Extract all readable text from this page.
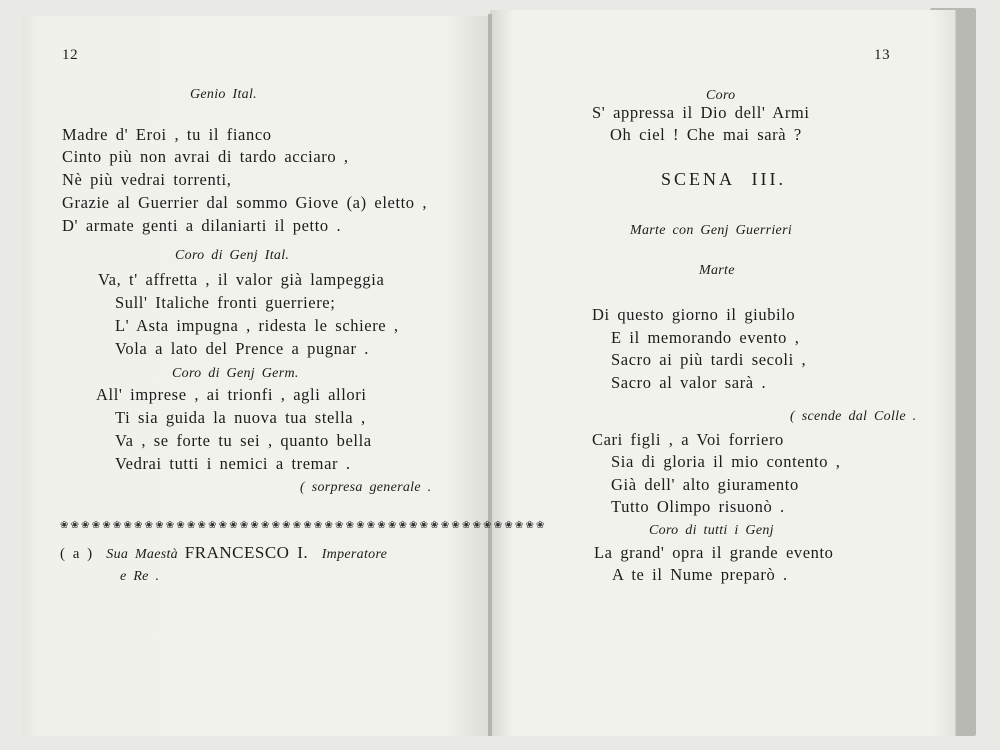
❀❀❀❀❀❀❀❀❀❀❀❀❀❀❀❀❀❀❀❀❀❀❀❀❀❀❀❀❀❀❀❀❀❀❀❀❀❀❀❀❀❀❀❀❀❀
( a ) Sua Maestà FRANCESCO I. Imperatore
12
Genio Ital.
Madre d' Eroi , tu il fianco
Cinto più non avrai di tardo acciaro ,
Nè più vedrai torrenti,
Grazie al Guerrier dal sommo Giove (a) eletto ,
D' armate genti a dilaniarti il petto .
Coro di Genj Ital.
Va, t' affretta , il valor già lampeggia
Sull' Italiche fronti guerriere;
L' Asta impugna , ridesta le schiere ,
Vola a lato del Prence a pugnar .
Coro di Genj Germ.
All' imprese , ai trionfi , agli allori
Ti sia guida la nuova tua stella ,
Va , se forte tu sei , quanto bella
Vedrai tutti i nemici a tremar .
( sorpresa generale .
e Re .
13
Coro
S' appressa il Dio dell' Armi
Oh ciel ! Che mai sarà ?
SCENA III.
Marte con Genj Guerrieri
Marte
Di questo giorno il giubilo
E il memorando evento ,
Sacro ai più tardi secoli ,
Sacro al valor sarà .
( scende dal Colle .
Cari figli , a Voi forriero
Sia di gloria il mio contento ,
Già dell' alto giuramento
Tutto Olimpo risuonò .
Coro di tutti i Genj
La grand' opra il grande evento
A te il Nume preparò .
